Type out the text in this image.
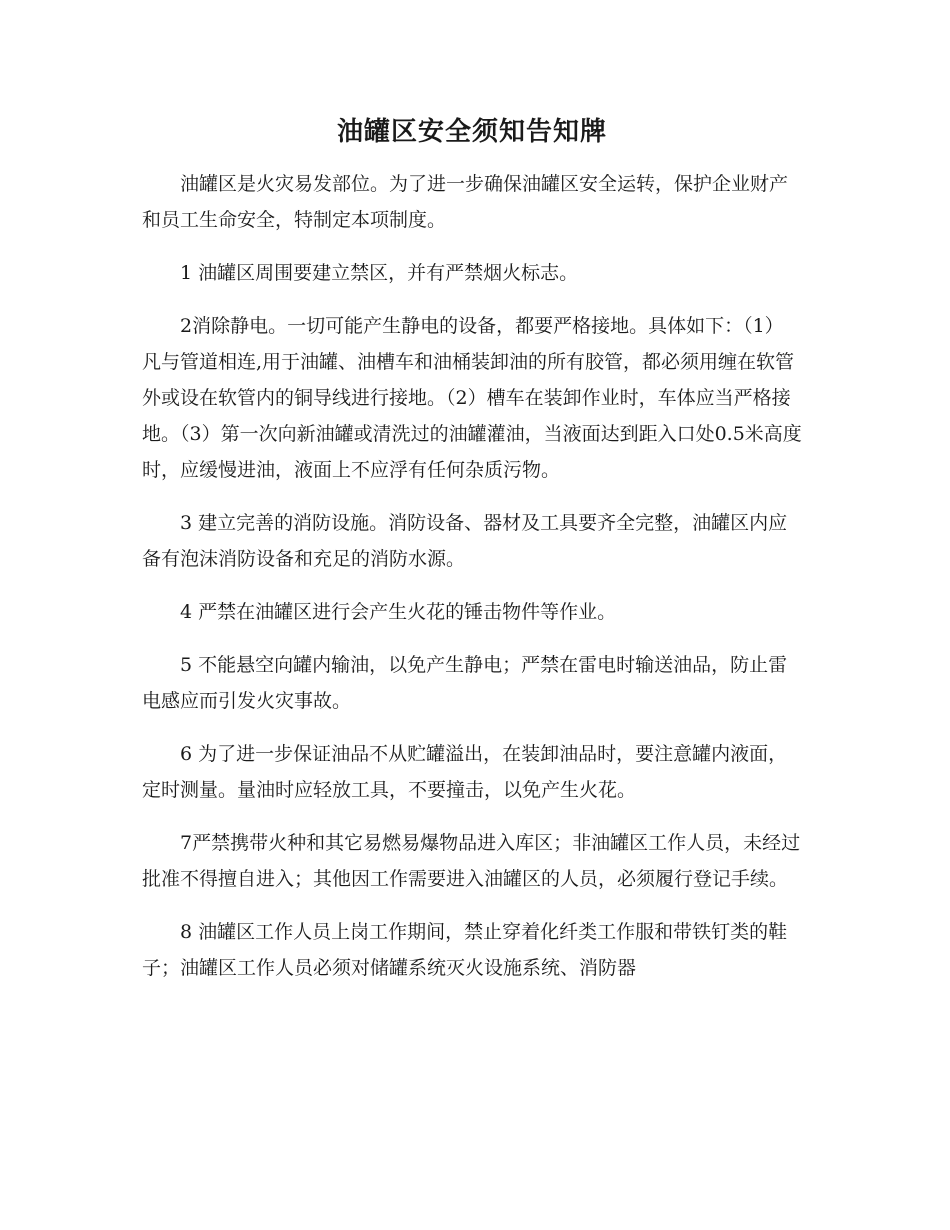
油罐区安全须知告知牌

油罐区是火灾易发部位。为了进一步确保油罐区安全运转，保护企业财产和员工生命安全，特制定本项制度。

1 油罐区周围要建立禁区，并有严禁烟火标志。

2消除静电。一切可能产生静电的设备，都要严格接地。具体如下：（1）凡与管道相连,用于油罐、油槽车和油桶装卸油的所有胶管，都必须用缠在软管外或设在软管内的铜导线进行接地。（2）槽车在装卸作业时，车体应当严格接地。（3）第一次向新油罐或清洗过的油罐灌油，当液面达到距入口处0.5米高度时，应缓慢进油，液面上不应浮有任何杂质污物。

3 建立完善的消防设施。消防设备、器材及工具要齐全完整，油罐区内应备有泡沫消防设备和充足的消防水源。

4 严禁在油罐区进行会产生火花的锤击物件等作业。

5 不能悬空向罐内输油，以免产生静电；严禁在雷电时输送油品，防止雷电感应而引发火灾事故。

6 为了进一步保证油品不从贮罐溢出，在装卸油品时，要注意罐内液面，定时测量。量油时应轻放工具，不要撞击，以免产生火花。

7严禁携带火种和其它易燃易爆物品进入库区；非油罐区工作人员，未经过批准不得擅自进入；其他因工作需要进入油罐区的人员，必须履行登记手续。

8 油罐区工作人员上岗工作期间，禁止穿着化纤类工作服和带铁钉类的鞋子；油罐区工作人员必须对储罐系统灭火设施系统、消防器
